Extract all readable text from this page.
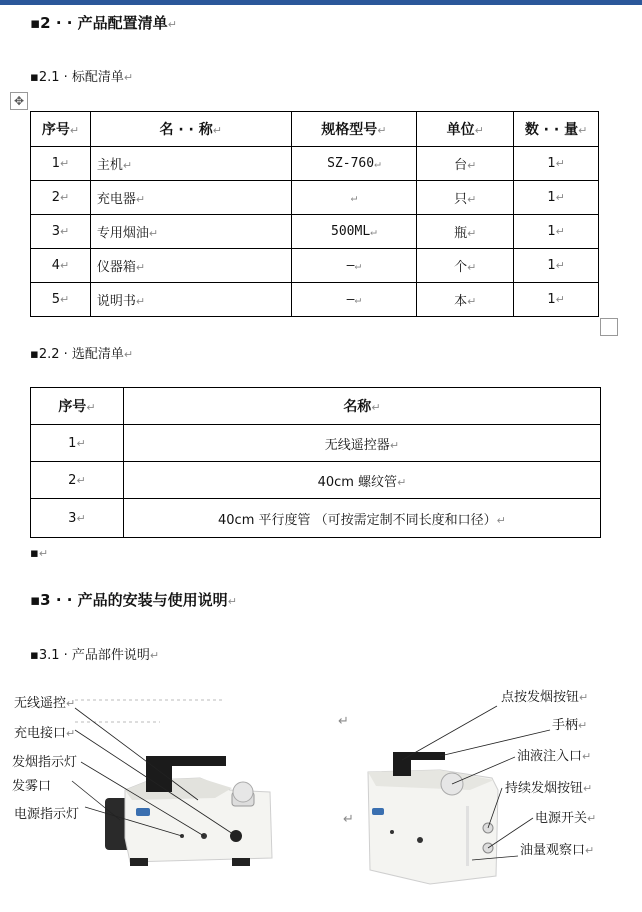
▪2 · · 产品配置清单↵
▪2.1 · 标配清单↵
✥
序号↵	名 · · 称↵	规格型号↵	单位↵	数 · · 量↵
1↵	主机↵	SZ-760↵	台↵	1↵
2↵	充电器↵	↵	只↵	1↵
3↵	专用烟油↵	500ML↵	瓶↵	1↵
4↵	仪器箱↵	–↵	个↵	1↵
5↵	说明书↵	–↵	本↵	1↵
▪2.2 · 选配清单↵
序号↵	名称↵
1↵	无线遥控器↵
2↵	40cm 螺纹管↵
3↵	40cm 平行度管 （可按需定制不同长度和口径）↵
▪↵
▪3 · · 产品的安装与使用说明↵
▪3.1 · 产品部件说明↵
无线遥控↵
充电接口↵
发烟指示灯
发雾口
电源指示灯
点按发烟按钮↵
手柄↵
油液注入口↵
持续发烟按钮↵
电源开关↵
油量观察口↵
↵
↵
